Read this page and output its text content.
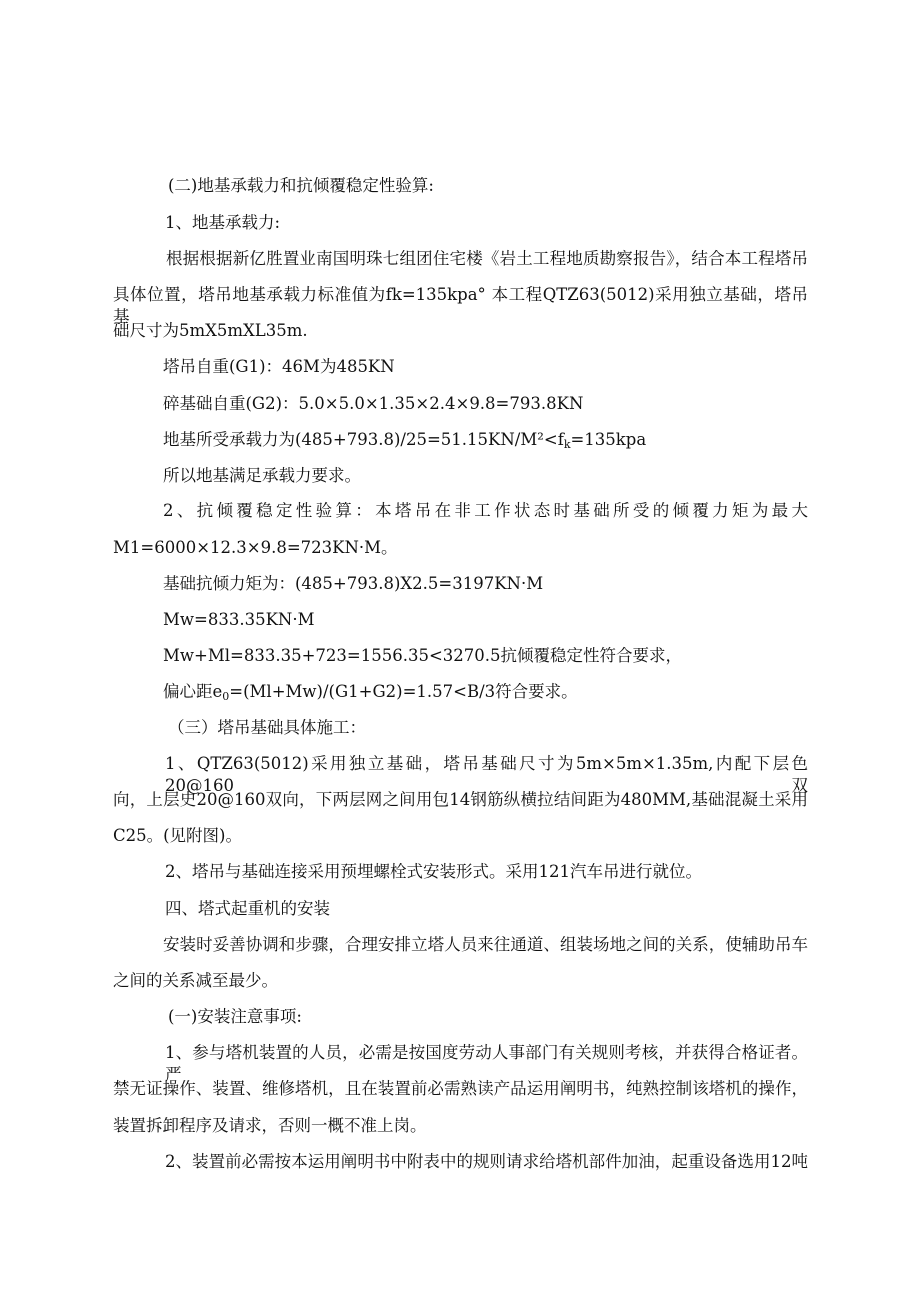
(二)地基承载力和抗倾覆稳定性验算:
1、地基承载力:
根据根据新亿胜置业南国明珠七组团住宅楼《岩土工程地质勘察报告》，结合本工程塔吊
具体位置，塔吊地基承载力标准值为fk=135kpa° 本工程QTZ63(5012)采用独立基础，塔吊基
础尺寸为5mX5mXL35m.
塔吊自重(G1)：46M为485KN
碎基础自重(G2)：5.0×5.0×1.35×2.4×9.8=793.8KN
地基所受承载力为$(485+793.8)/25=51.15KN/M^2<f_k=135kpa$
所以地基满足承载力要求。
2、抗倾覆稳定性验算：本塔吊在非工作状态时基础所受的倾覆力矩为最大
M1=6000×12.3×9.8=723KN·M。
基础抗倾力矩为：(485+793.8)X2.5=3197KN·M
Mw=833.35KN·M
Mw+Ml=833.35+723=1556.35<3270.5抗倾覆稳定性符合要求，
偏心距$e_0=(Ml+Mw)/(G1+G2)=1.57<B/3$符合要求。
（三）塔吊基础具体施工：
1、QTZ63(5012)采用独立基础，塔吊基础尺寸为5m×5m×1.35m,内配下层色20@160双
向，上层史20@160双向，下两层网之间用包14钢筋纵横拉结间距为480MM,基础混凝土采用
C25。(见附图)。
2、塔吊与基础连接采用预埋螺栓式安装形式。采用121汽车吊进行就位。
四、塔式起重机的安装
安装时妥善协调和步骤，合理安排立塔人员来往通道、组装场地之间的关系，使辅助吊车
之间的关系减至最少。
(一)安装注意事项:
1、参与塔机装置的人员，必需是按国度劳动人事部门有关规则考核，并获得合格证者。严
禁无证操作、装置、维修塔机，且在装置前必需熟读产品运用阐明书，纯熟控制该塔机的操作，
装置拆卸程序及请求，否则一概不准上岗。
2、装置前必需按本运用阐明书中附表中的规则请求给塔机部件加油，起重设备选用12吨
